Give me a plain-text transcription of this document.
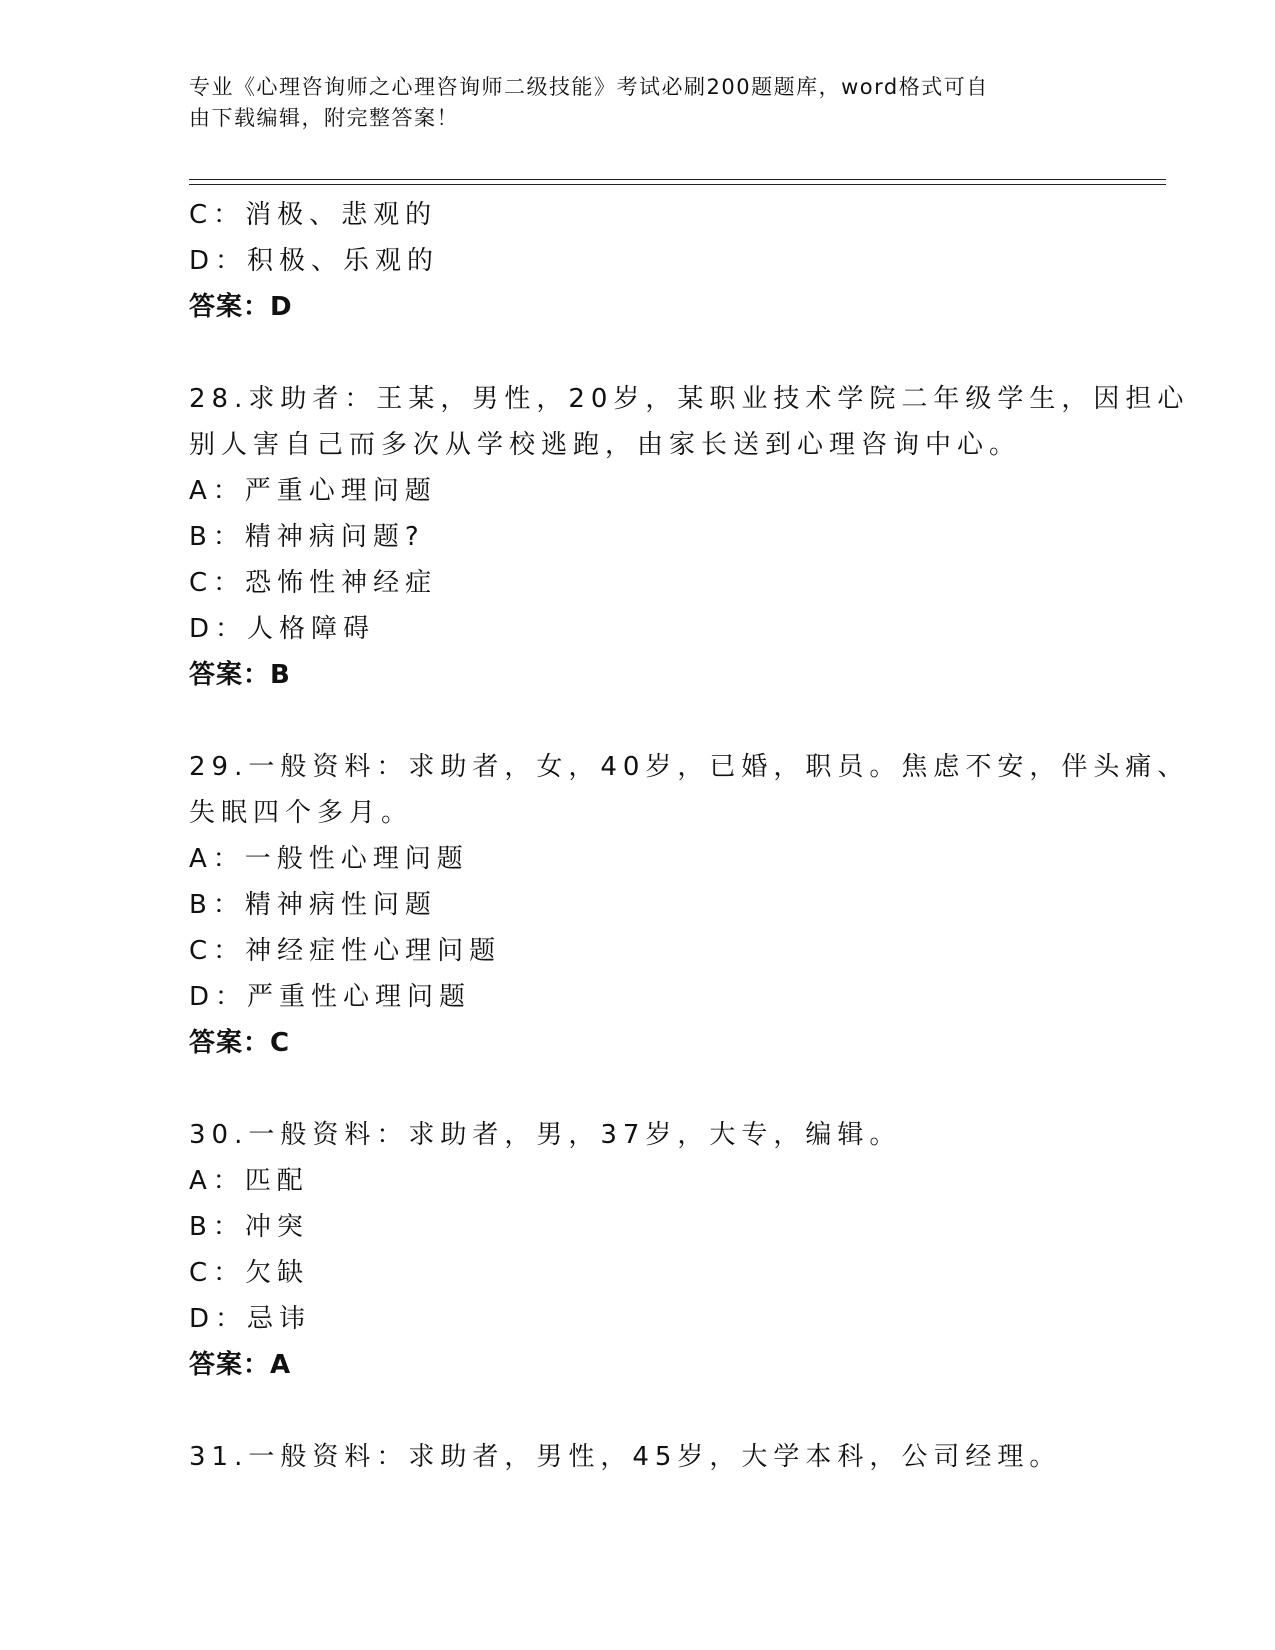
专业《心理咨询师之心理咨询师二级技能》考试必刷200题题库，word格式可自
由下载编辑，附完整答案！
C：消极、悲观的
D：积极、乐观的
答案：D
28.求助者：王某，男性，20岁，某职业技术学院二年级学生，因担心
别人害自己而多次从学校逃跑，由家长送到心理咨询中心。
A：严重心理问题
B：精神病问题?
C：恐怖性神经症
D：人格障碍
答案：B
29.一般资料：求助者，女，40岁，已婚，职员。焦虑不安，伴头痛、
失眠四个多月。
A：一般性心理问题
B：精神病性问题
C：神经症性心理问题
D：严重性心理问题
答案：C
30.一般资料：求助者，男，37岁，大专，编辑。
A：匹配
B：冲突
C：欠缺
D：忌讳
答案：A
31.一般资料：求助者，男性，45岁，大学本科，公司经理。
